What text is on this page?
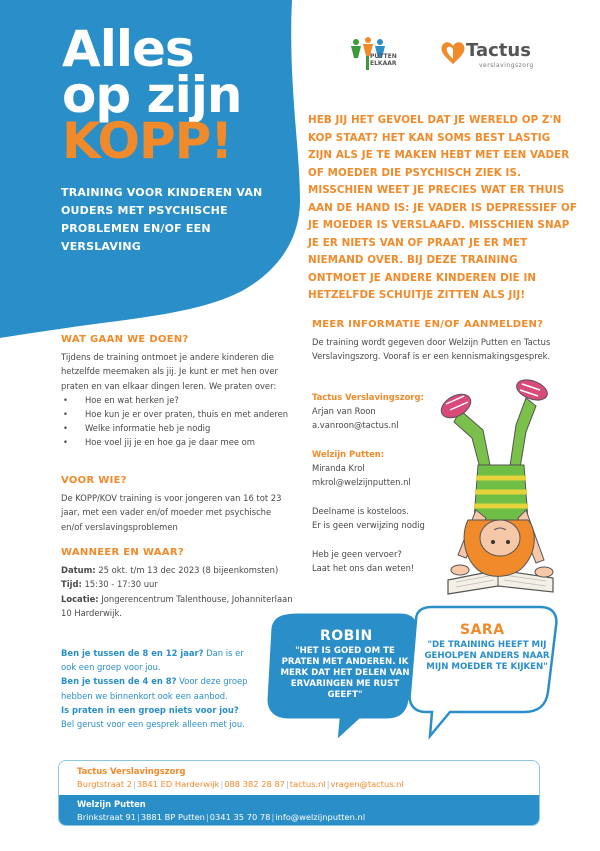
Alles
op zijn
KOPP!
TRAINING VOOR KINDEREN VAN OUDERS MET PSYCHISCHE PROBLEMEN EN/OF EEN VERSLAVING
PUTTEN
ELKAAR
Tactus
verslavingszorg
HEB JIJ HET GEVOEL DAT JE WERELD OP Z'N KOP STAAT? HET KAN SOMS BEST LASTIG ZIJN ALS JE TE MAKEN HEBT MET EEN VADER OF MOEDER DIE PSYCHISCH ZIEK IS. MISSCHIEN WEET JE PRECIES WAT ER THUIS AAN DE HAND IS: JE VADER IS DEPRESSIEF OF JE MOEDER IS VERSLAAFD. MISSCHIEN SNAP JE ER NIETS VAN OF PRAAT JE ER MET NIEMAND OVER. BIJ DEZE TRAINING ONTMOET JE ANDERE KINDEREN DIE IN HETZELFDE SCHUITJE ZITTEN ALS JIJ!
WAT GAAN WE DOEN?

Tijdens de training ontmoet je andere kinderen die hetzelfde meemaken als jij. Je kunt er met hen over praten en van elkaar dingen leren. We praten over:

• Hoe en wat herken je?
• Hoe kun je er over praten, thuis en met anderen
• Welke informatie heb je nodig
• Hoe voel jij je en hoe ga je daar mee om
VOOR WIE?

De KOPP/KOV training is voor jongeren van 16 tot 23 jaar, met een vader en/of moeder met psychische en/of verslavingsproblemen

WANNEER EN WAAR?

Datum: 25 okt. t/m 13 dec 2023 (8 bijeenkomsten)

Tijd: 15:30 - 17:30 uur

Locatie: Jongerencentrum Talenthouse, Johanniterlaan 10 Harderwijk.

Ben je tussen de 8 en 12 jaar? Dan is er ook een groep voor jou.

Ben je tussen de 4 en 8? Voor deze groep hebben we binnenkort ook een aanbod.

Is praten in een groep niets voor jou?

Bel gerust voor een gesprek alleen met jou.

MEER INFORMATIE EN/OF AANMELDEN?

De training wordt gegeven door Welzijn Putten en Tactus Verslavingszorg. Vooraf is er een kennismakingsgesprek.

Tactus Verslavingszorg:

Arjan van Roon

a.vanroon@tactus.nl

Welzijn Putten:

Miranda Krol

mkrol@welzijnputten.nl

Deelname is kosteloos.

Er is geen verwijzing nodig

Heb je geen vervoer?

Laat het ons dan weten!

ROBIN
"HET IS GOED OM TE PRATEN MET ANDEREN. IK MERK DAT HET DELEN VAN ERVARINGEN ME RUST GEEFT"
SARA
"DE TRAINING HEEFT MIJ GEHOLPEN ANDERS NAAR MIJN MOEDER TE KIJKEN"
Tactus Verslavingszorg
Burgtstraat 2|3841 ED Harderwijk|088 382 28 87|tactus.nl|vragen@tactus.nl
Welzijn Putten
Brinkstraat 91|3881 BP Putten|0341 35 70 78|info@welzijnputten.nl
